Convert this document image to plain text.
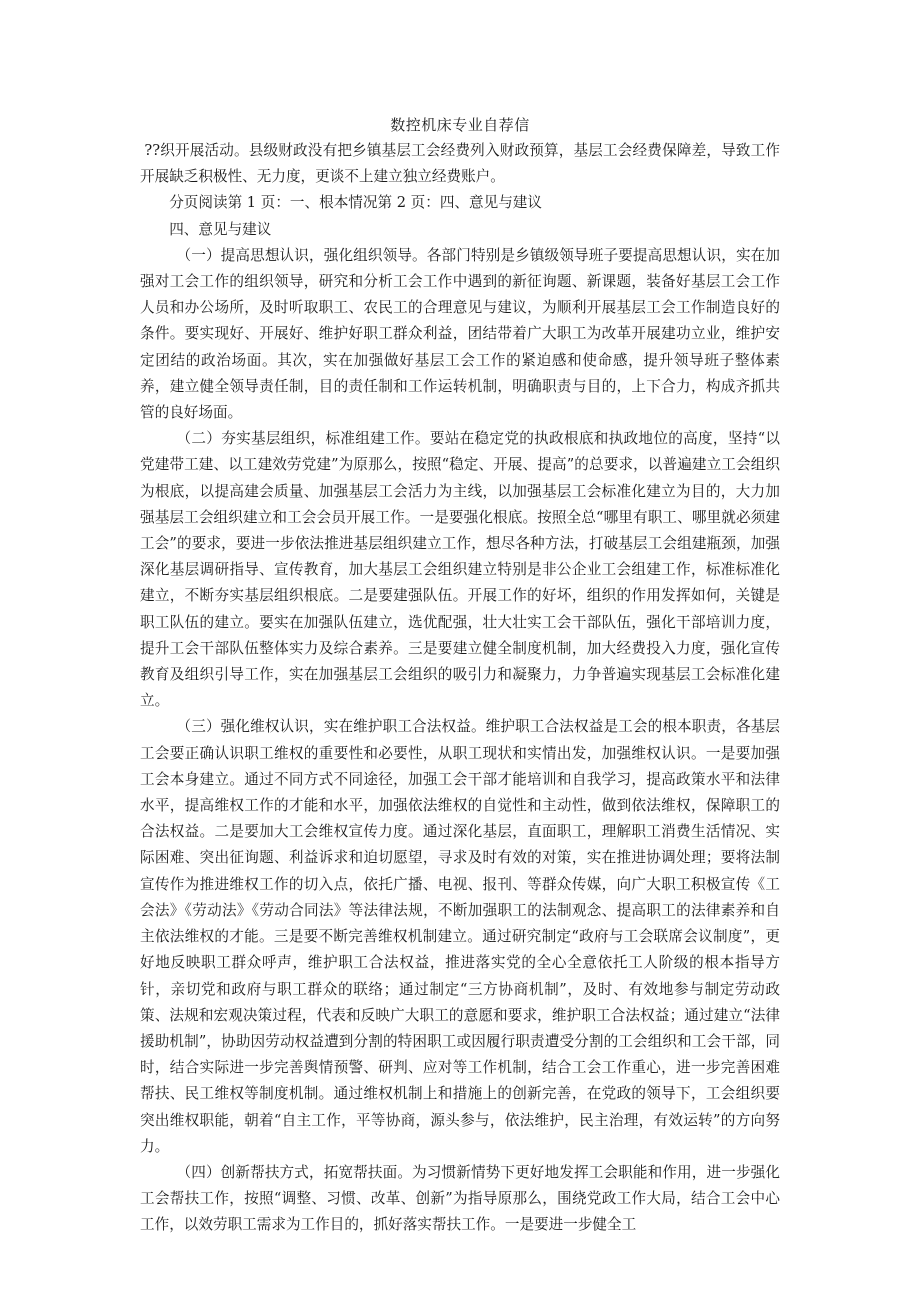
数控机床专业自荐信

??织开展活动。县级财政没有把乡镇基层工会经费列入财政预算，基层工会经费保障差，导致工作开展缺乏积极性、无力度，更谈不上建立独立经费账户。

分页阅读第 1 页：一、根本情况第 2 页：四、意见与建议

四、意见与建议

（一）提高思想认识，强化组织领导。各部门特别是乡镇级领导班子要提高思想认识，实在加强对工会工作的组织领导，研究和分析工会工作中遇到的新征询题、新课题，装备好基层工会工作人员和办公场所，及时听取职工、农民工的合理意见与建议，为顺利开展基层工会工作制造良好的条件。要实现好、开展好、维护好职工群众利益，团结带着广大职工为改革开展建功立业，维护安定团结的政治场面。其次，实在加强做好基层工会工作的紧迫感和使命感，提升领导班子整体素养，建立健全领导责任制，目的责任制和工作运转机制，明确职责与目的，上下合力，构成齐抓共管的良好场面。

（二）夯实基层组织，标准组建工作。要站在稳定党的执政根底和执政地位的高度，坚持“以党建带工建、以工建效劳党建”为原那么，按照“稳定、开展、提高”的总要求，以普遍建立工会组织为根底，以提高建会质量、加强基层工会活力为主线，以加强基层工会标准化建立为目的，大力加强基层工会组织建立和工会会员开展工作。一是要强化根底。按照全总“哪里有职工、哪里就必须建工会”的要求，要进一步依法推进基层组织建立工作，想尽各种方法，打破基层工会组建瓶颈，加强深化基层调研指导、宣传教育，加大基层工会组织建立特别是非公企业工会组建工作，标准标准化建立，不断夯实基层组织根底。二是要建强队伍。开展工作的好坏，组织的作用发挥如何，关键是职工队伍的建立。要实在加强队伍建立，选优配强，壮大壮实工会干部队伍，强化干部培训力度，提升工会干部队伍整体实力及综合素养。三是要建立健全制度机制，加大经费投入力度，强化宣传教育及组织引导工作，实在加强基层工会组织的吸引力和凝聚力，力争普遍实现基层工会标准化建立。

（三）强化维权认识，实在维护职工合法权益。维护职工合法权益是工会的根本职责，各基层工会要正确认识职工维权的重要性和必要性，从职工现状和实情出发，加强维权认识。一是要加强工会本身建立。通过不同方式不同途径，加强工会干部才能培训和自我学习，提高政策水平和法律水平，提高维权工作的才能和水平，加强依法维权的自觉性和主动性，做到依法维权，保障职工的合法权益。二是要加大工会维权宣传力度。通过深化基层，直面职工，理解职工消费生活情况、实际困难、突出征询题、利益诉求和迫切愿望，寻求及时有效的对策，实在推进协调处理；要将法制宣传作为推进维权工作的切入点，依托广播、电视、报刊、等群众传媒，向广大职工积极宣传《工会法》《劳动法》《劳动合同法》等法律法规，不断加强职工的法制观念、提高职工的法律素养和自主依法维权的才能。三是要不断完善维权机制建立。通过研究制定“政府与工会联席会议制度”，更好地反映职工群众呼声，维护职工合法权益，推进落实党的全心全意依托工人阶级的根本指导方针，亲切党和政府与职工群众的联络；通过制定“三方协商机制”，及时、有效地参与制定劳动政策、法规和宏观决策过程，代表和反映广大职工的意愿和要求，维护职工合法权益；通过建立“法律援助机制”，协助因劳动权益遭到分割的特困职工或因履行职责遭受分割的工会组织和工会干部，同时，结合实际进一步完善舆情预警、研判、应对等工作机制，结合工会工作重心，进一步完善困难帮扶、民工维权等制度机制。通过维权机制上和措施上的创新完善，在党政的领导下，工会组织要突出维权职能，朝着“自主工作，平等协商，源头参与，依法维护，民主治理，有效运转”的方向努力。

（四）创新帮扶方式，拓宽帮扶面。为习惯新情势下更好地发挥工会职能和作用，进一步强化工会帮扶工作，按照“调整、习惯、改革、创新”为指导原那么，围绕党政工作大局，结合工会中心工作，以效劳职工需求为工作目的，抓好落实帮扶工作。一是要进一步健全工
